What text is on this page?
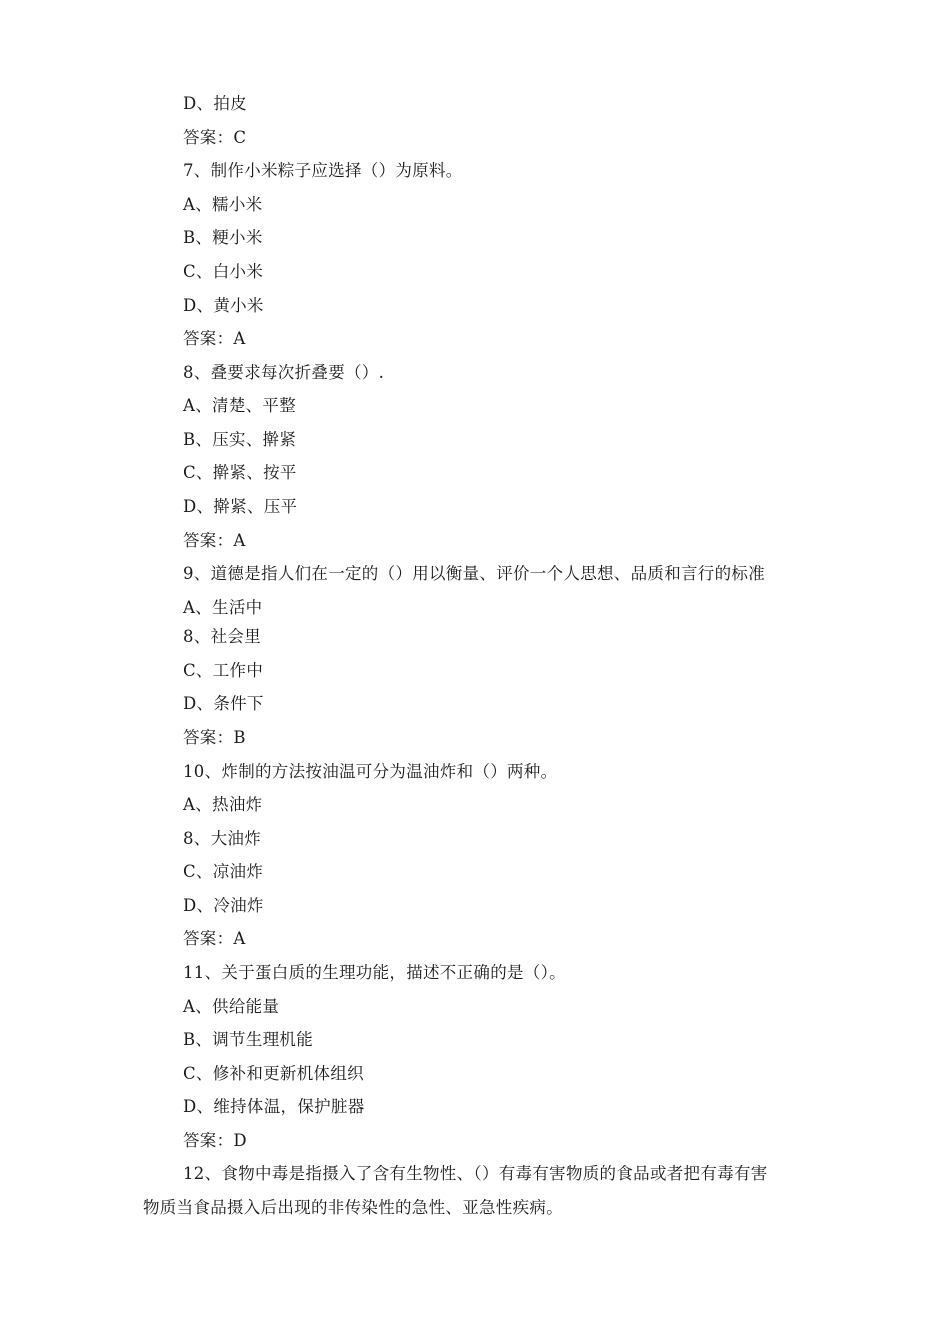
D、拍皮
答案：C
7、制作小米粽子应选择（）为原料。
A、糯小米
B、粳小米
C、白小米
D、黄小米
答案：A
8、叠要求每次折叠要（）.
A、清楚、平整
B、压实、擀紧
C、擀紧、按平
D、擀紧、压平
答案：A
9、道德是指人们在一定的（）用以衡量、评价一个人思想、品质和言行的标准
A、生活中
8、社会里
C、工作中
D、条件下
答案：B
10、炸制的方法按油温可分为温油炸和（）两种。
A、热油炸
8、大油炸
C、凉油炸
D、冷油炸
答案：A
11、关于蛋白质的生理功能，描述不正确的是（）。
A、供给能量
B、调节生理机能
C、修补和更新机体组织
D、维持体温，保护脏器
答案：D
12、食物中毒是指摄入了含有生物性、（）有毒有害物质的食品或者把有毒有害
物质当食品摄入后出现的非传染性的急性、亚急性疾病。
